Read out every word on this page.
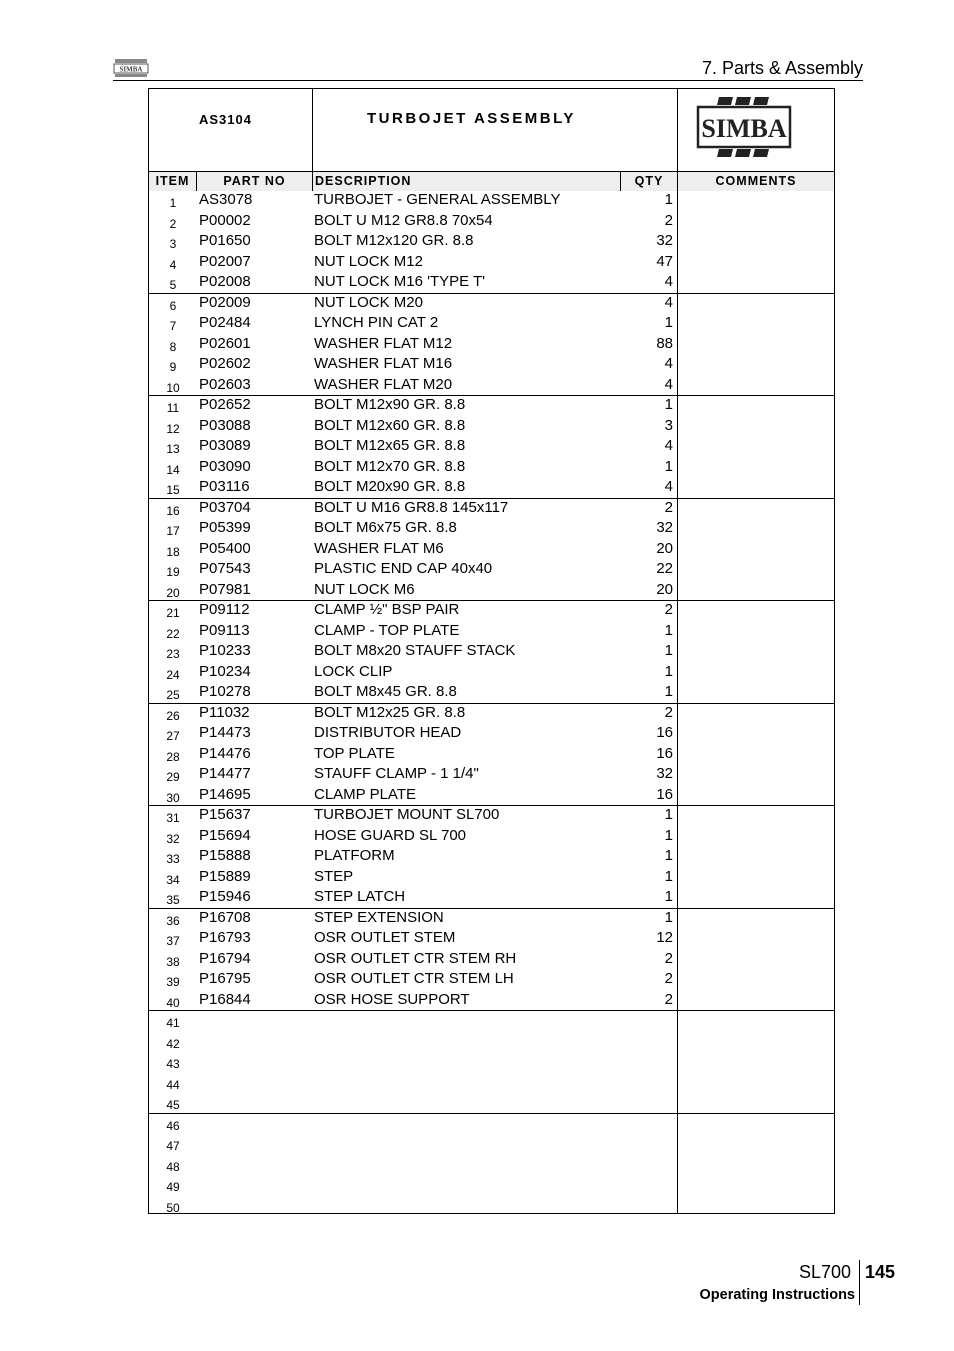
SIMBA	7. Parts & Assembly
AS3104	TURBOJET ASSEMBLY	SIMBA
ITEM	PART NO	DESCRIPTION	QTY	COMMENTS
1	AS3078	TURBOJET - GENERAL ASSEMBLY	1
2	P00002	BOLT U M12 GR8.8 70x54	2
3	P01650	BOLT M12x120 GR. 8.8	32
4	P02007	NUT LOCK M12	47
5	P02008	NUT LOCK M16 'TYPE T'	4
6	P02009	NUT LOCK M20	4
7	P02484	LYNCH PIN CAT 2	1
8	P02601	WASHER FLAT M12	88
9	P02602	WASHER FLAT M16	4
10	P02603	WASHER FLAT M20	4
11	P02652	BOLT M12x90 GR. 8.8	1
12	P03088	BOLT M12x60 GR. 8.8	3
13	P03089	BOLT M12x65 GR. 8.8	4
14	P03090	BOLT M12x70 GR. 8.8	1
15	P03116	BOLT M20x90 GR. 8.8	4
16	P03704	BOLT U M16 GR8.8 145x117	2
17	P05399	BOLT M6x75 GR. 8.8	32
18	P05400	WASHER FLAT M6	20
19	P07543	PLASTIC END CAP 40x40	22
20	P07981	NUT LOCK M6	20
21	P09112	CLAMP ½" BSP PAIR	2
22	P09113	CLAMP - TOP PLATE	1
23	P10233	BOLT M8x20 STAUFF STACK	1
24	P10234	LOCK CLIP	1
25	P10278	BOLT M8x45 GR. 8.8	1
26	P11032	BOLT M12x25 GR. 8.8	2
27	P14473	DISTRIBUTOR HEAD	16
28	P14476	TOP PLATE	16
29	P14477	STAUFF CLAMP - 1 1/4"	32
30	P14695	CLAMP PLATE	16
31	P15637	TURBOJET MOUNT SL700	1
32	P15694	HOSE GUARD SL 700	1
33	P15888	PLATFORM	1
34	P15889	STEP	1
35	P15946	STEP LATCH	1
36	P16708	STEP EXTENSION	1
37	P16793	OSR OUTLET STEM	12
38	P16794	OSR OUTLET CTR STEM RH	2
39	P16795	OSR OUTLET CTR STEM LH	2
40	P16844	OSR HOSE SUPPORT	2
41
42
43
44
45
46
47
48
49
50
SL700 145
Operating Instructions
